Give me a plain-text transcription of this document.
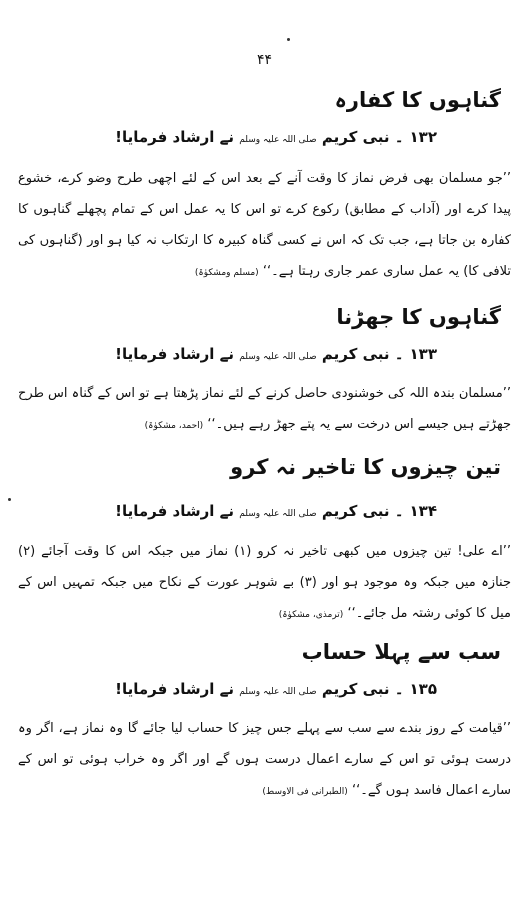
۴۴
گناہوں کا کفارہ
۱۳۲۔ نبی کریم صلی اللہ علیہ وسلم نے ارشاد فرمایا!
’’جو مسلمان بھی فرض نماز کا وقت آنے کے بعد اس کے لئے اچھی طرح وضو کرے، خشوع پیدا کرے اور (آداب کے مطابق) رکوع کرے تو اس کا یہ عمل اس کے تمام پچھلے گناہوں کا کفارہ بن جاتا ہے، جب تک کہ اس نے کسی گناہ کبیرہ کا ارتکاب نہ کیا ہو اور (گناہوں کی تلافی کا) یہ عمل ساری عمر جاری رہتا ہے۔‘‘ (مسلم ومشکوٰۃ)
گناہوں کا جھڑنا
۱۳۳۔ نبی کریم صلی اللہ علیہ وسلم نے ارشاد فرمایا!
’’مسلمان بندہ اللہ کی خوشنودی حاصل کرنے کے لئے نماز پڑھتا ہے تو اس کے گناہ اس طرح جھڑتے ہیں جیسے اس درخت سے یہ پتے جھڑ رہے ہیں۔‘‘ (احمد، مشکوٰۃ)
تین چیزوں کا تاخیر نہ کرو
۱۳۴۔ نبی کریم صلی اللہ علیہ وسلم نے ارشاد فرمایا!
’’اے علی! تین چیزوں میں کبھی تاخیر نہ کرو (۱) نماز میں جبکہ اس کا وقت آجائے (۲) جنازہ میں جبکہ وہ موجود ہو اور (۳) بے شوہر عورت کے نکاح میں جبکہ تمہیں اس کے میل کا کوئی رشتہ مل جائے۔‘‘ (ترمذی، مشکوٰۃ)
سب سے پہلا حساب
۱۳۵۔ نبی کریم صلی اللہ علیہ وسلم نے ارشاد فرمایا!
’’قیامت کے روز بندے سے سب سے پہلے جس چیز کا حساب لیا جائے گا وہ نماز ہے، اگر وہ درست ہوئی تو اس کے سارے اعمال درست ہوں گے اور اگر وہ خراب ہوئی تو اس کے سارے اعمال فاسد ہوں گے۔‘‘ (الطبرانی فی الاوسط)
